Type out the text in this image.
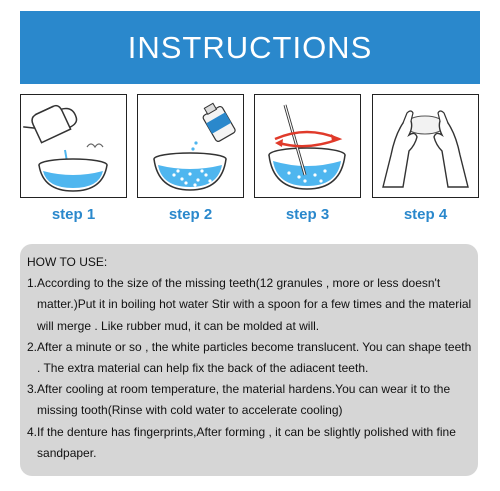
INSTRUCTIONS
step 1	step 2	step 3	step 4
HOW TO USE:
1. According to the size of the missing teeth(12 granules , more or less doesn't matter.)Put it in boiling hot water Stir with a spoon for a few times and the material will merge . Like rubber mud, it can be molded at will.
2. After a minute or so , the white particles become translucent. You can shape teeth . The extra material can help fix the back of the adiacent teeth.
3. After cooling at room temperature, the material hardens.You can wear it to the missing tooth(Rinse with cold water to accelerate cooling)
4. If the denture has fingerprints,After forming , it can be slightly polished with fine sandpaper.
